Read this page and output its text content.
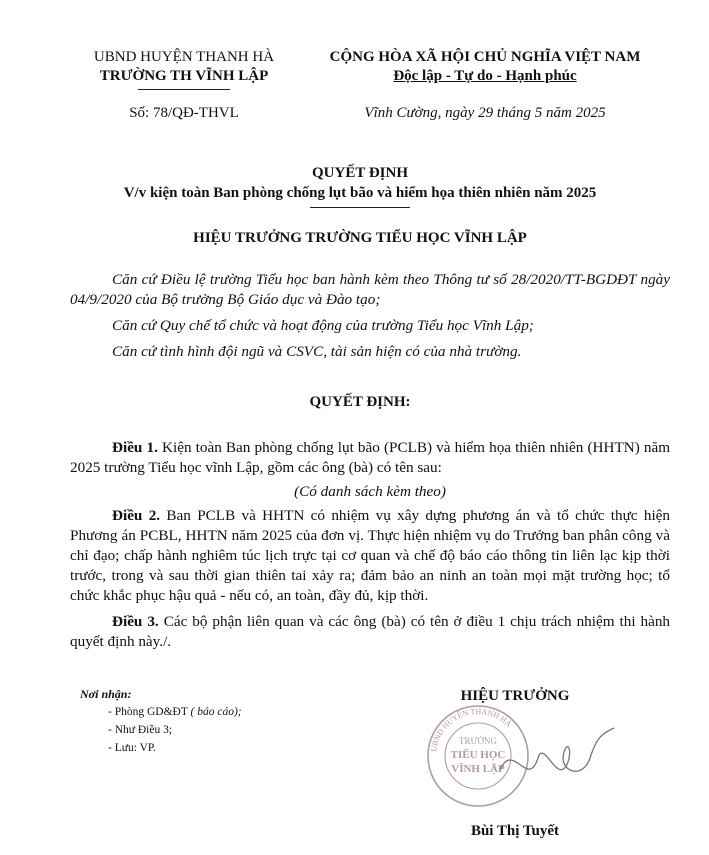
UBND HUYỆN THANH HÀ
TRƯỜNG TH VĨNH LẬP
Số: 78/QĐ-THVL
CỘNG HÒA XÃ HỘI CHỦ NGHĨA VIỆT NAM
Độc lập - Tự do - Hạnh phúc
Vĩnh Cường, ngày 29 tháng 5 năm 2025
QUYẾT ĐỊNH
V/v kiện toàn Ban phòng chống lụt bão và hiểm họa thiên nhiên năm 2025
HIỆU TRƯỞNG TRƯỜNG TIỂU HỌC VĨNH LẬP

Căn cứ Điều lệ trường Tiểu học ban hành kèm theo Thông tư số 28/2020/TT-BGDĐT ngày 04/9/2020 của Bộ trưởng Bộ Giáo dục và Đào tạo;

Căn cứ Quy chế tổ chức và hoạt động của trường Tiểu học Vĩnh Lập;

Căn cứ tình hình đội ngũ và CSVC, tài sản hiện có của nhà trường.

QUYẾT ĐỊNH:

Điều 1. Kiện toàn Ban phòng chống lụt bão (PCLB) và hiểm họa thiên nhiên (HHTN) năm 2025 trường Tiểu học vĩnh Lập, gồm các ông (bà) có tên sau:

(Có danh sách kèm theo)

Điều 2. Ban PCLB và HHTN có nhiệm vụ xây dựng phương án và tổ chức thực hiện Phương án PCBL, HHTN năm 2025 của đơn vị. Thực hiện nhiệm vụ do Trưởng ban phân công và chỉ đạo; chấp hành nghiêm túc lịch trực tại cơ quan và chế độ báo cáo thông tin liên lạc kịp thời trước, trong và sau thời gian thiên tai xảy ra; đảm bảo an ninh an toàn mọi mặt trường học; tổ chức khắc phục hậu quả - nếu có, an toàn, đầy đủ, kịp thời.

Điều 3. Các bộ phận liên quan và các ông (bà) có tên ở điều 1 chịu trách nhiệm thi hành quyết định này./.

Nơi nhận:
- Phòng GD&ĐT ( báo cáo);
- Như Điều 3;
- Lưu: VP.
HIỆU TRƯỞNG
UBND HUYỆN THANH HÀ
TRƯỜNG
TIỂU HỌC
VĨNH LẬP
Bùi Thị Tuyết
